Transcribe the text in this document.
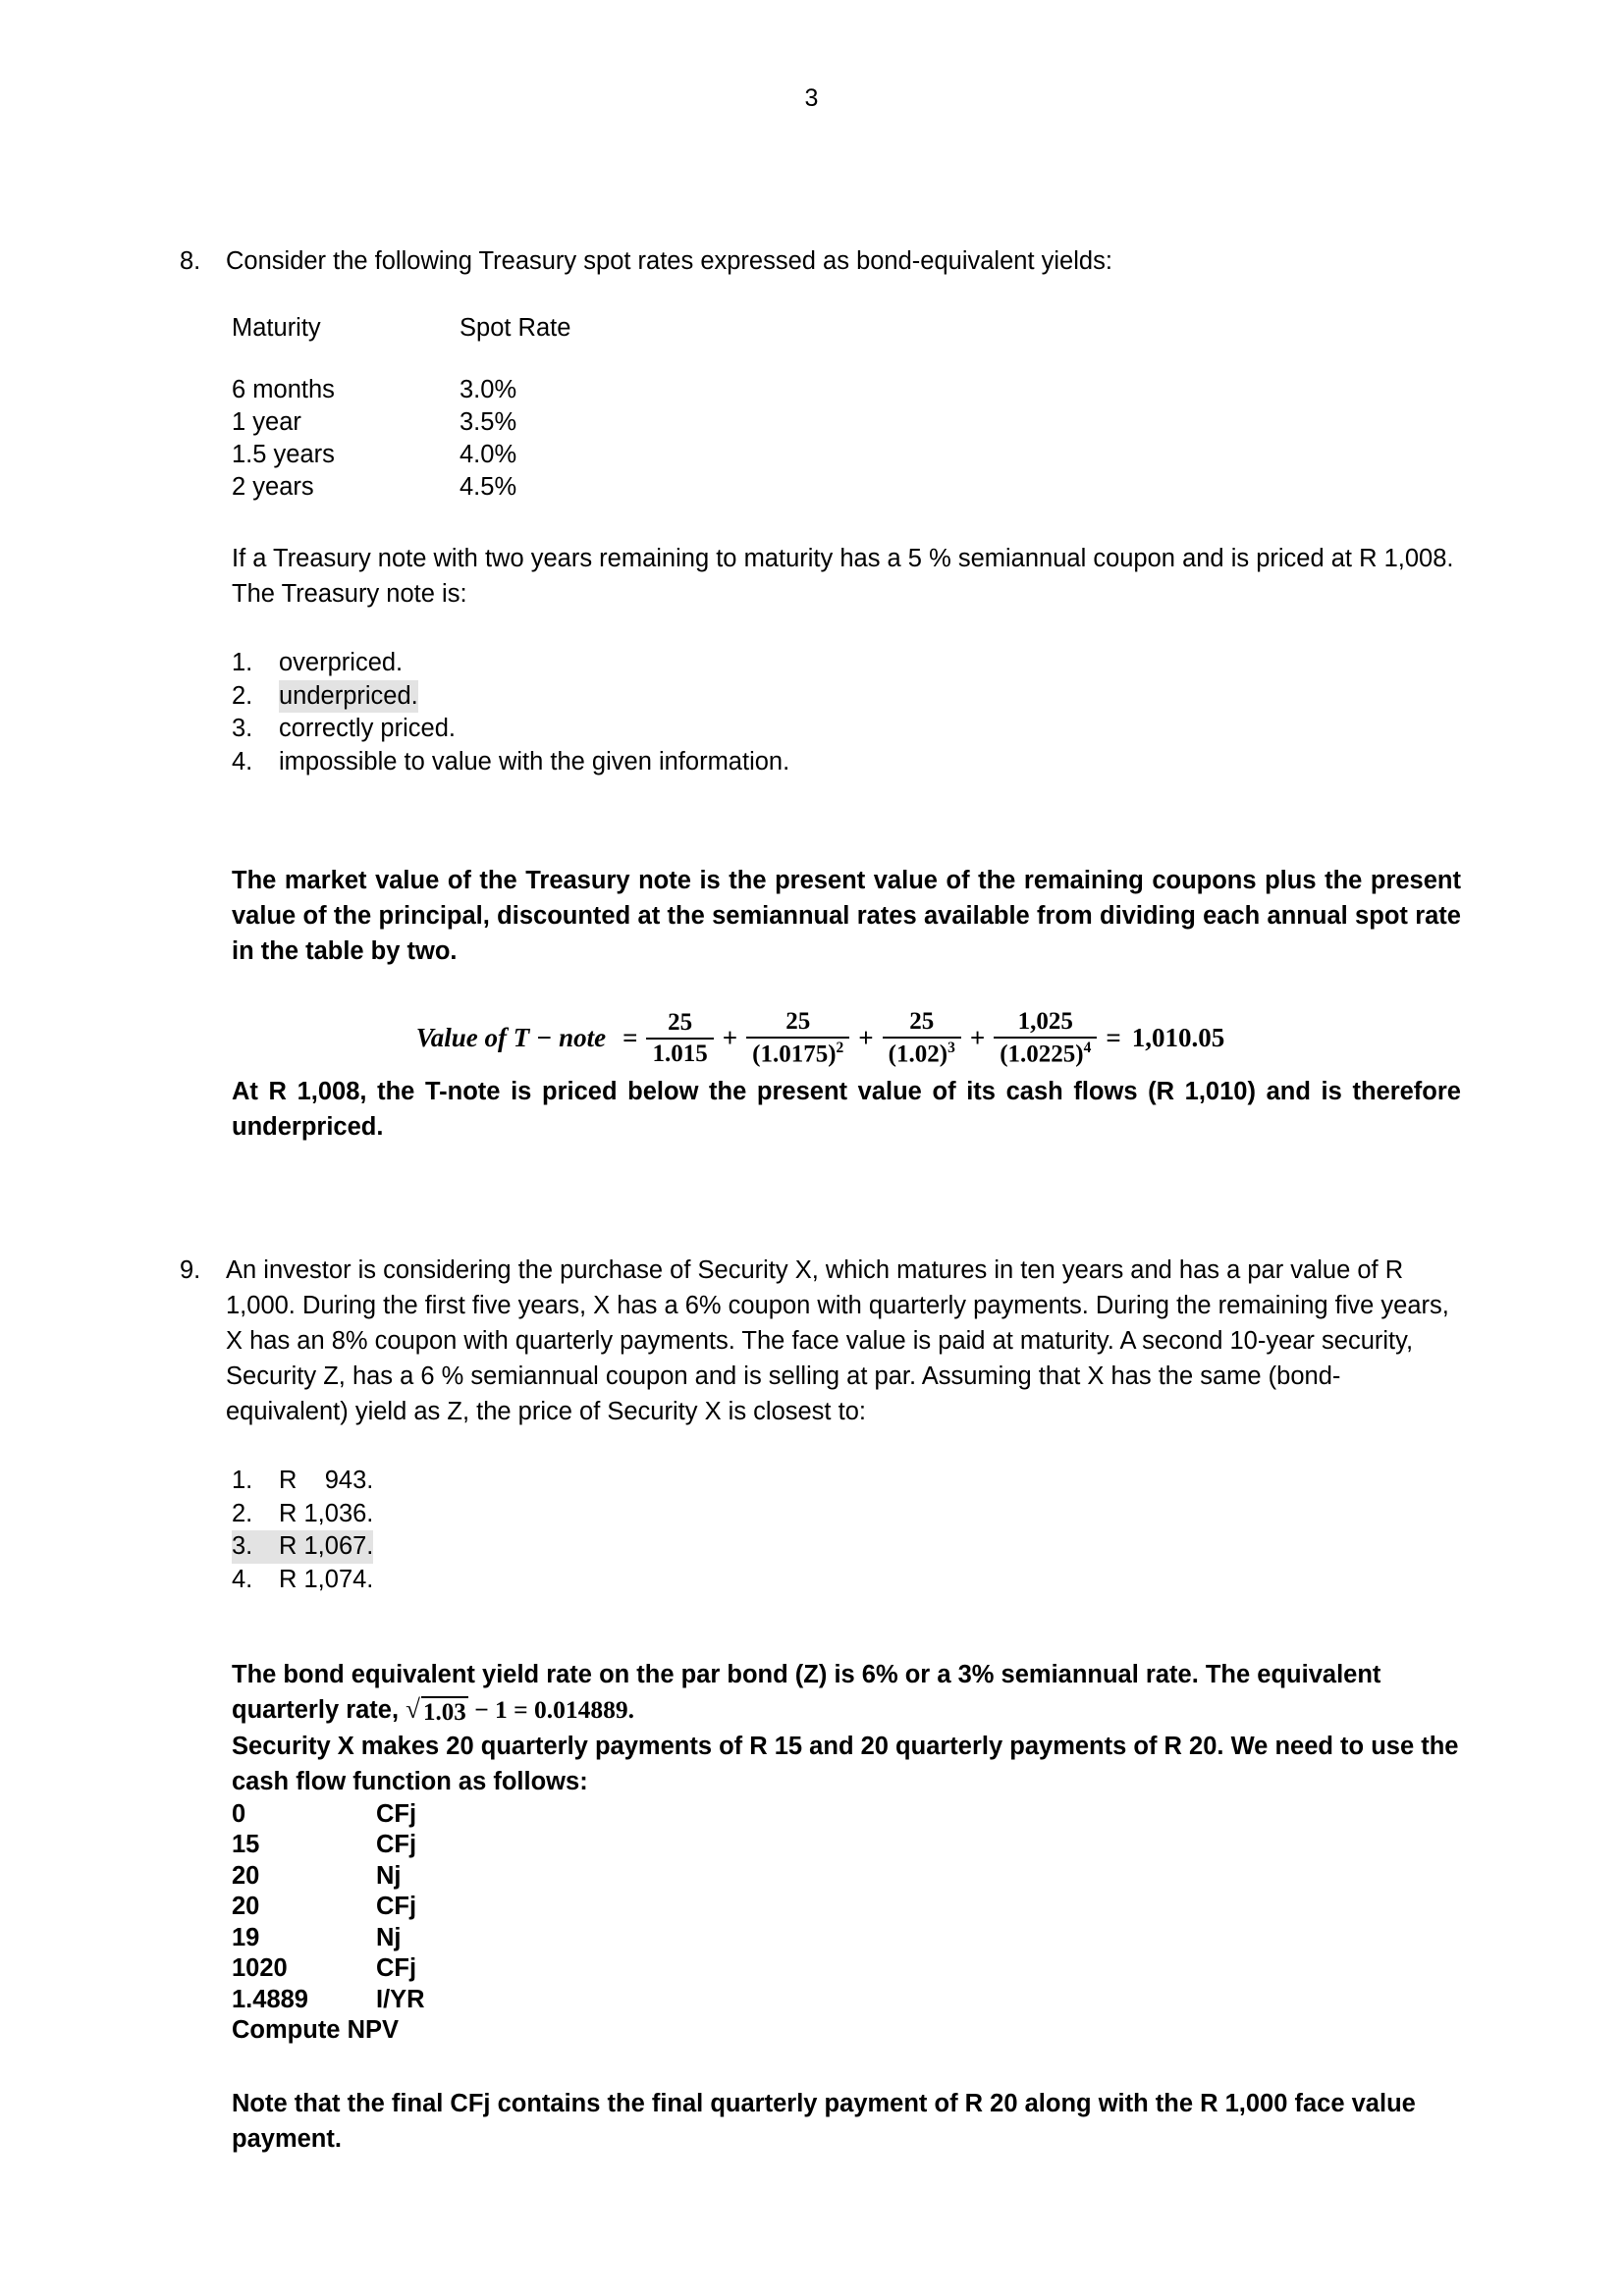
3
8.	Consider the following Treasury spot rates expressed as bond-equivalent yields:

Maturity	Spot Rate
6 months	3.0%
1 year	3.5%
1.5 years	4.0%
2 years	4.5%
If a Treasury note with two years remaining to maturity has a 5 % semiannual coupon and is priced at R 1,008. The Treasury note is:
1.	overpriced.
2.	underpriced.
3.	correctly priced.
4.	impossible to value with the given information.
The market value of the Treasury note is the present value of the remaining coupons plus the present value of the principal, discounted at the semiannual rates available from dividing each annual spot rate in the table by two.
Value of T − note = $\frac{25}{1.015} + \frac{25}{(1.0175)^2} + \frac{25}{(1.02)^3} + \frac{1,025}{(1.0225)^4} = 1,010.05$
At R 1,008, the T-note is priced below the present value of its cash flows (R 1,010) and is therefore underpriced.
9.	An investor is considering the purchase of Security X, which matures in ten years and has a par value of R 1,000. During the first five years, X has a 6% coupon with quarterly payments. During the remaining five years, X has an 8% coupon with quarterly payments. The face value is paid at maturity. A second 10-year security, Security Z, has a 6 % semiannual coupon and is selling at par. Assuming that X has the same (bond-equivalent) yield as Z, the price of Security X is closest to:

1.	R    943.
2.	R 1,036.
3.	R 1,067.
4.	R 1,074.
The bond equivalent yield rate on the par bond (Z) is 6% or a 3% semiannual rate. The equivalent
quarterly rate, √ 1.03 − 1 = 0.014889.
Security X makes 20 quarterly payments of R 15 and 20 quarterly payments of R 20. We need to use the cash flow function as follows:
0	CFj
15	CFj
20	Nj
20	CFj
19	Nj
1020	CFj
1.4889	I/YR
Compute NPV
Note that the final CFj contains the final quarterly payment of R 20 along with the R 1,000 face value payment.
